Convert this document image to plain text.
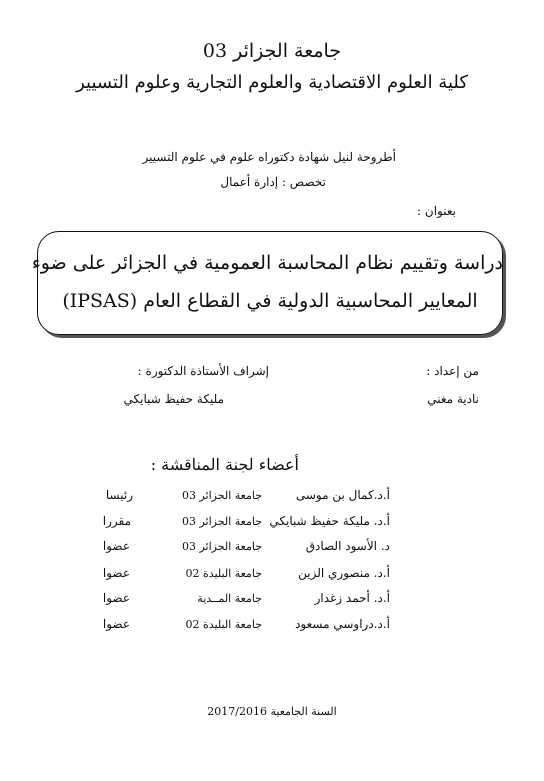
جامعة الجزائر 03
كلية العلوم الاقتصادية والعلوم التجارية وعلوم التسيير
أطروحة لنيل شهادة دكتوراه علوم في علوم التسيير
تخصص : إدارة أعمال
بعنوان :
دراسة وتقييم نظام المحاسبة العمومية في الجزائر على ضوء
المعايير المحاسبية الدولية في القطاع العام (IPSAS)
من إعداد :
نادية مغني
إشراف الأستاذة الدكتورة :
مليكة حفيظ شبايكي
أعضاء لجنة المناقشة :
أ.د.كمال بن موسى
جامعة الجزائر 03
رئيسا
أ.د. مليكة حفيظ شبايكي
جامعة الجزائر 03
مقررا
د. الأسود الصادق
جامعة الجزائر 03
عضوا
أ.د. منصوري الزين
جامعة البليدة 02
عضوا
أ.د. أحمد زغدار
جامعة المــدية
عضوا
أ.د.دراوسي مسعود
جامعة البليدة 02
عضوا
السنة الجامعية 2017/2016
